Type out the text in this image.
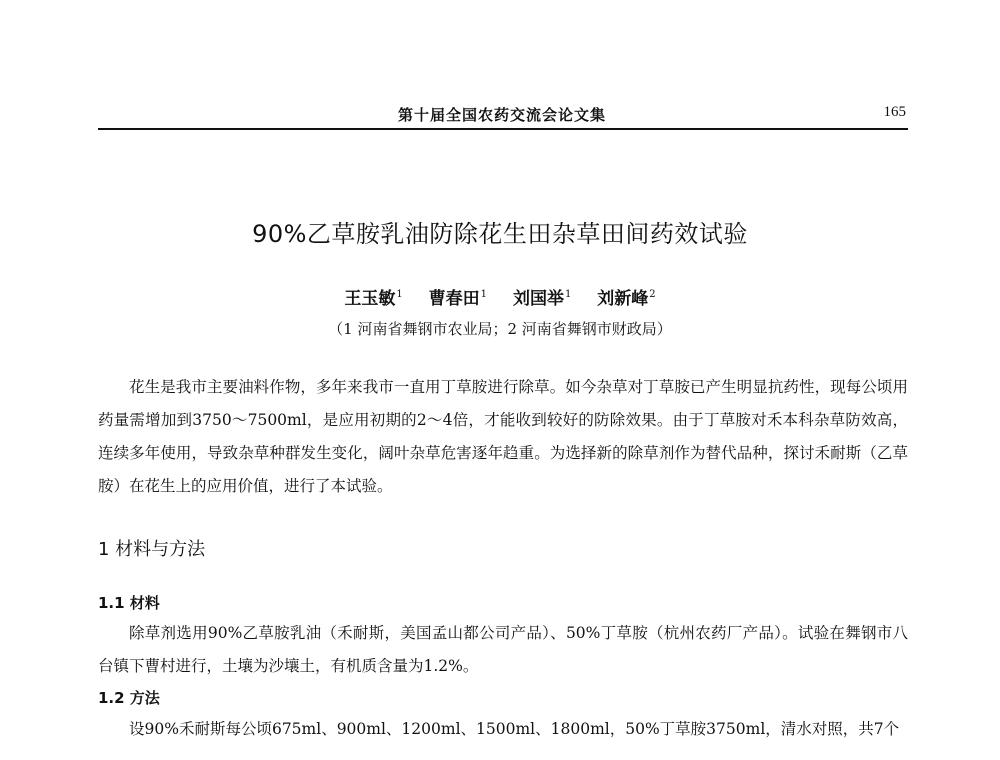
第十届全国农药交流会论文集	165
90%乙草胺乳油防除花生田杂草田间药效试验
王玉敏$^1$ 曹春田$^1$ 刘国举$^1$ 刘新峰$^2$
（1 河南省舞钢市农业局；2 河南省舞钢市财政局）
花生是我市主要油料作物，多年来我市一直用丁草胺进行除草。如今杂草对丁草胺已产生明显抗药性，现每公顷用药量需增加到3750～7500ml，是应用初期的2～4倍，才能收到较好的防除效果。由于丁草胺对禾本科杂草防效高，连续多年使用，导致杂草种群发生变化，阔叶杂草危害逐年趋重。为选择新的除草剂作为替代品种，探讨禾耐斯（乙草胺）在花生上的应用价值，进行了本试验。
1 材料与方法
1.1 材料
除草剂选用90%乙草胺乳油（禾耐斯，美国孟山都公司产品）、50%丁草胺（杭州农药厂产品）。试验在舞钢市八台镇下曹村进行，土壤为沙壤土，有机质含量为1.2%。
1.2 方法
设90%禾耐斯每公顷675ml、900ml、1200ml、1500ml、1800ml，50%丁草胺3750ml，清水对照，共7个
